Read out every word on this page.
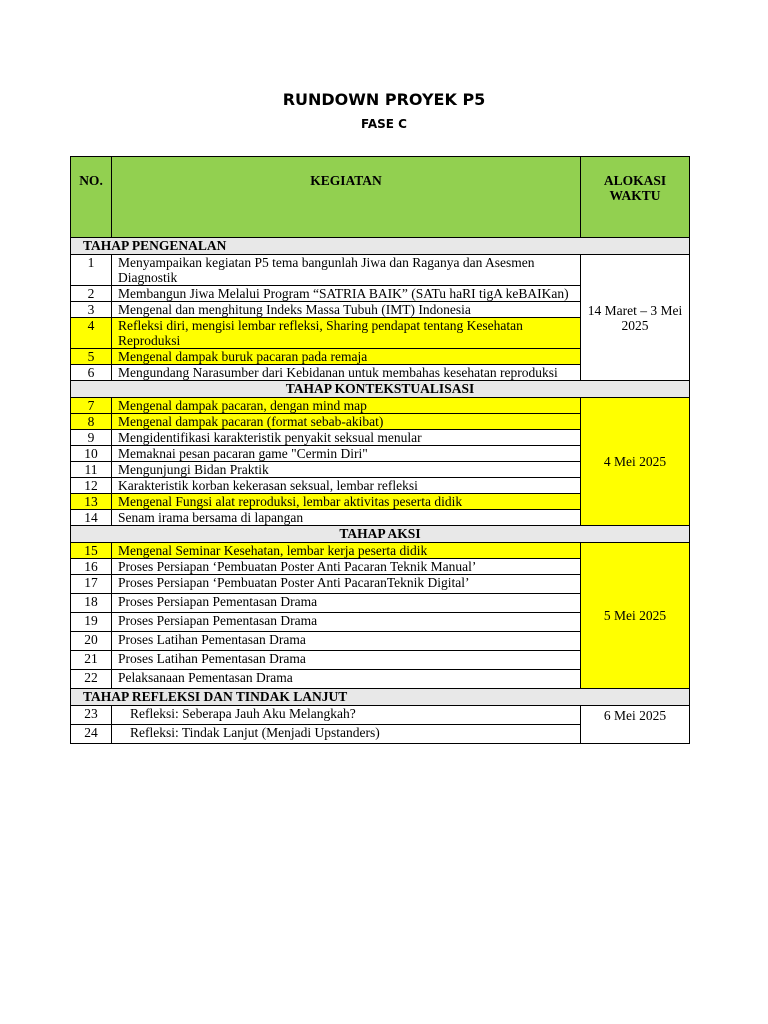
RUNDOWN PROYEK P5
FASE C
NO.	KEGIATAN	ALOKASI
WAKTU
TAHAP PENGENALAN		
1	Menyampaikan kegiatan P5 tema bangunlah Jiwa dan Raganya dan Asesmen Diagnostik	14 Maret – 3 Mei 2025
2	Membangun Jiwa Melalui Program “SATRIA BAIK” (SATu haRI tigA keBAIKan)	
3	Mengenal dan menghitung Indeks Massa Tubuh (IMT) Indonesia	
4	Refleksi diri, mengisi lembar refleksi, Sharing pendapat tentang Kesehatan Reproduksi	
5	Mengenal dampak buruk pacaran pada remaja	
6	Mengundang Narasumber dari Kebidanan untuk membahas kesehatan reproduksi	
TAHAP KONTEKSTUALISASI		
7	Mengenal dampak pacaran, dengan mind map	4 Mei 2025
8	Mengenal dampak pacaran (format sebab-akibat)	
9	Mengidentifikasi karakteristik penyakit seksual menular	
10	Memaknai pesan pacaran game "Cermin Diri"	
11	Mengunjungi Bidan Praktik	
12	Karakteristik korban kekerasan seksual, lembar refleksi	
13	Mengenal Fungsi alat reproduksi, lembar aktivitas peserta didik	
14	Senam irama bersama di lapangan	
TAHAP AKSI		
15	Mengenal Seminar Kesehatan, lembar kerja peserta didik	5 Mei 2025
16	Proses Persiapan ‘Pembuatan Poster Anti Pacaran Teknik Manual’	
17	Proses Persiapan ‘Pembuatan Poster Anti PacaranTeknik Digital’	
18	Proses Persiapan Pementasan Drama	
19	Proses Persiapan Pementasan Drama	
20	Proses Latihan Pementasan Drama	
21	Proses Latihan Pementasan Drama	
22	Pelaksanaan Pementasan Drama	
TAHAP REFLEKSI DAN TINDAK LANJUT		
23	Refleksi: Seberapa Jauh Aku Melangkah?	6 Mei 2025
24	Refleksi: Tindak Lanjut (Menjadi Upstanders)	
